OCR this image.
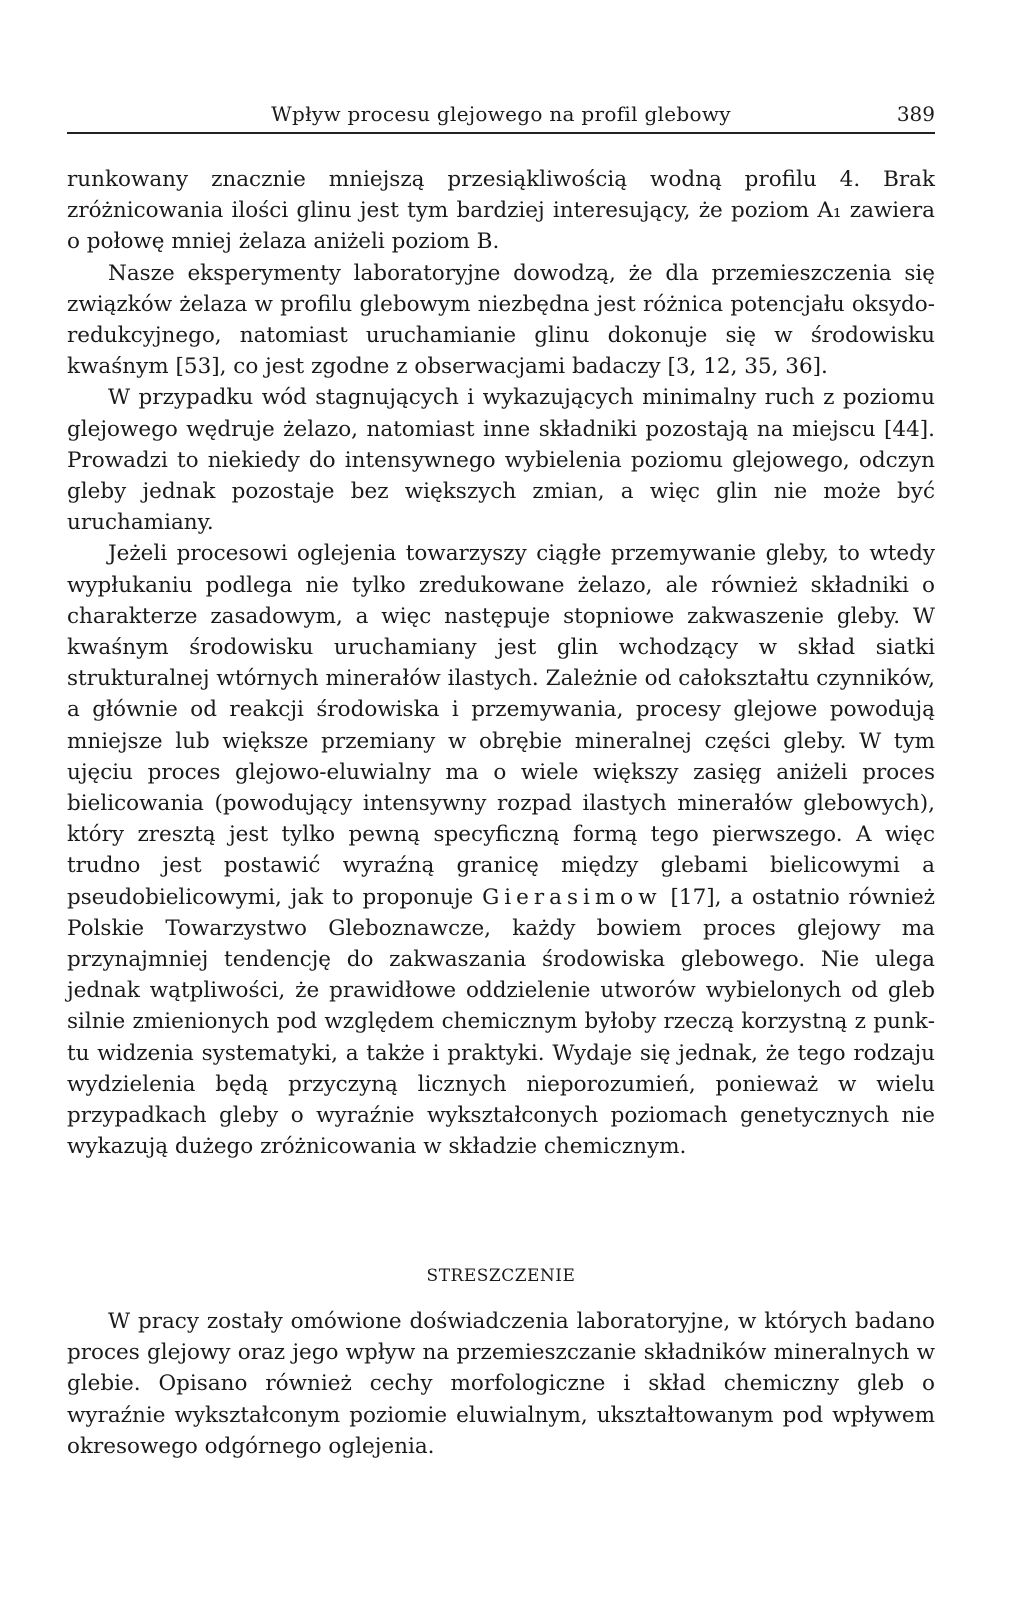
Wpływ procesu glejowego na profil glebowy	389

runkowany znacznie mniejszą przesiąkliwością wodną profilu 4. Brak zróżnicowania ilości glinu jest tym bardziej interesujący, że poziom A₁ zawiera o połowę mniej żelaza aniżeli poziom B.

Nasze eksperymenty laboratoryjne dowodzą, że dla przemieszczenia się związków żelaza w profilu glebowym niezbędna jest różnica potencjału oksydo-redukcyjnego, natomiast uruchamianie glinu dokonuje się w środowisku kwaśnym [53], co jest zgodne z obserwacjami badaczy [3, 12, 35, 36].

W przypadku wód stagnujących i wykazujących minimalny ruch z poziomu glejowego wędruje żelazo, natomiast inne składniki pozostają na miejscu [44]. Prowadzi to niekiedy do intensywnego wybielenia poziomu glejowego, odczyn gleby jednak pozostaje bez większych zmian, a więc glin nie może być uruchamiany.

Jeżeli procesowi oglejenia towarzyszy ciągłe przemywanie gleby, to wtedy wypłukaniu podlega nie tylko zredukowane żelazo, ale również składniki o charakterze zasadowym, a więc następuje stopniowe zakwaszenie gleby. W kwaśnym środowisku uruchamiany jest glin wchodzący w skład siatki strukturalnej wtórnych minerałów ilastych. Zależnie od całokształtu czynników, a głównie od reakcji środowiska i przemywania, procesy glejowe powodują mniejsze lub większe przemiany w obrębie mineralnej części gleby. W tym ujęciu proces glejowo-eluwialny ma o wiele większy zasięg aniżeli proces bielicowania (powodujący intensywny rozpad ilastych minerałów glebowych), który zresztą jest tylko pewną specyficzną formą tego pierwszego. A więc trudno jest postawić wyraźną granicę między glebami bielicowymi a pseudobielicowymi, jak to proponuje Gierasimow [17], a ostatnio również Polskie Towarzystwo Gleboznawcze, każdy bowiem proces glejowy ma przynajmniej tendencję do zakwaszania środowiska glebowego. Nie ulega jednak wątpliwości, że prawidłowe oddzielenie utworów wybielonych od gleb silnie zmienionych pod względem chemicznym byłoby rzeczą korzystną z punktu widzenia systematyki, a także i praktyki. Wydaje się jednak, że tego rodzaju wydzielenia będą przyczyną licznych nieporozumień, ponieważ w wielu przypadkach gleby o wyraźnie wykształconych poziomach genetycznych nie wykazują dużego zróżnicowania w składzie chemicznym.

STRESZCZENIE

W pracy zostały omówione doświadczenia laboratoryjne, w których badano proces glejowy oraz jego wpływ na przemieszczanie składników mineralnych w glebie. Opisano również cechy morfologiczne i skład chemiczny gleb o wyraźnie wykształconym poziomie eluwialnym, ukształtowanym pod wpływem okresowego odgórnego oglejenia.
